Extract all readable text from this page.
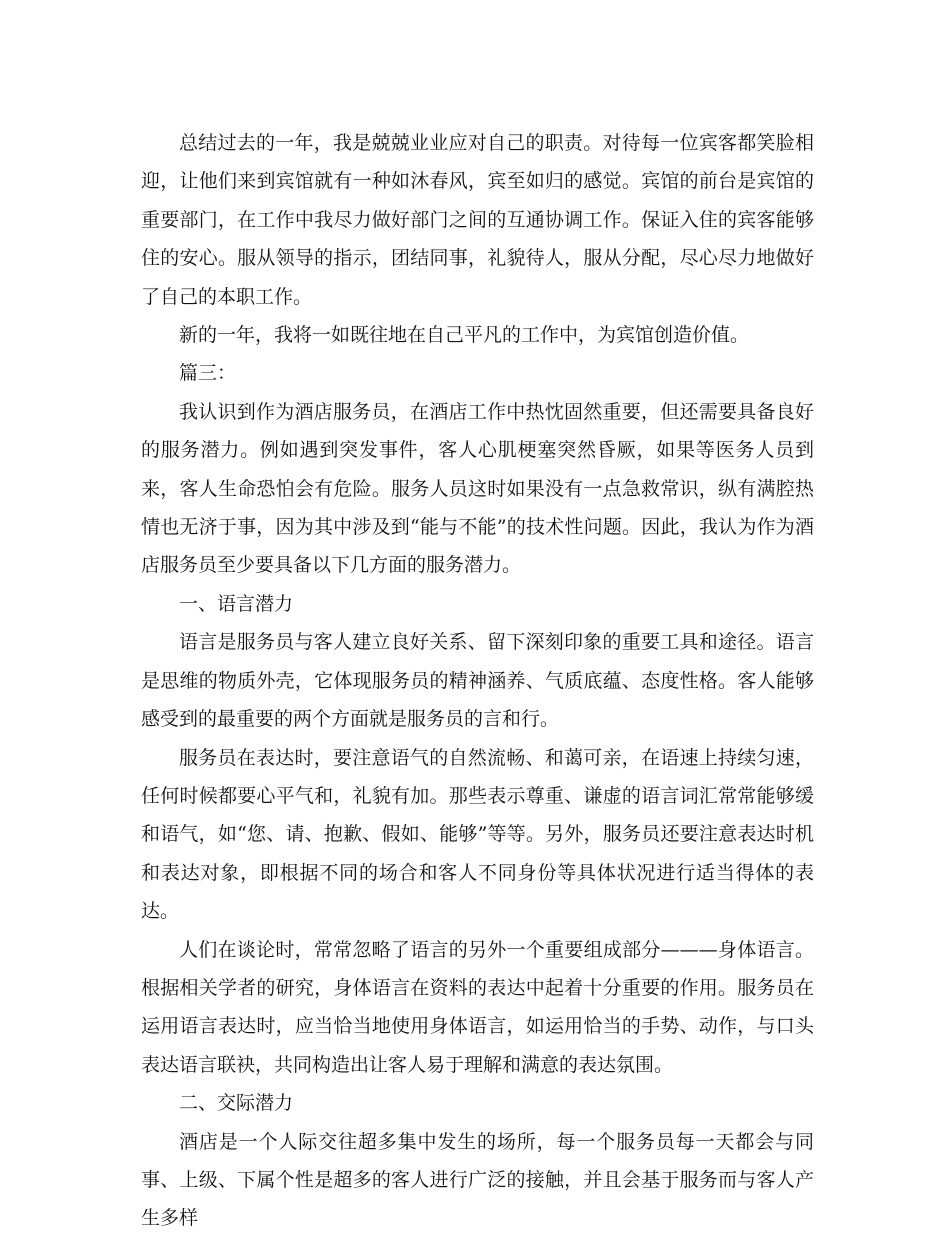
总结过去的一年，我是兢兢业业应对自己的职责。对待每一位宾客都笑脸相迎，让他们来到宾馆就有一种如沐春风，宾至如归的感觉。宾馆的前台是宾馆的重要部门，在工作中我尽力做好部门之间的互通协调工作。保证入住的宾客能够住的安心。服从领导的指示，团结同事，礼貌待人，服从分配，尽心尽力地做好了自己的本职工作。

新的一年，我将一如既往地在自己平凡的工作中，为宾馆创造价值。

篇三：

我认识到作为酒店服务员，在酒店工作中热忱固然重要，但还需要具备良好的服务潜力。例如遇到突发事件，客人心肌梗塞突然昏厥，如果等医务人员到来，客人生命恐怕会有危险。服务人员这时如果没有一点急救常识，纵有满腔热情也无济于事，因为其中涉及到“能与不能”的技术性问题。因此，我认为作为酒店服务员至少要具备以下几方面的服务潜力。

一、语言潜力

语言是服务员与客人建立良好关系、留下深刻印象的重要工具和途径。语言是思维的物质外壳，它体现服务员的精神涵养、气质底蕴、态度性格。客人能够感受到的最重要的两个方面就是服务员的言和行。

服务员在表达时，要注意语气的自然流畅、和蔼可亲，在语速上持续匀速，任何时候都要心平气和，礼貌有加。那些表示尊重、谦虚的语言词汇常常能够缓和语气，如“您、请、抱歉、假如、能够”等等。另外，服务员还要注意表达时机和表达对象，即根据不同的场合和客人不同身份等具体状况进行适当得体的表达。

人们在谈论时，常常忽略了语言的另外一个重要组成部分———身体语言。根据相关学者的研究，身体语言在资料的表达中起着十分重要的作用。服务员在运用语言表达时，应当恰当地使用身体语言，如运用恰当的手势、动作，与口头表达语言联袂，共同构造出让客人易于理解和满意的表达氛围。

二、交际潜力

酒店是一个人际交往超多集中发生的场所，每一个服务员每一天都会与同事、上级、下属个性是超多的客人进行广泛的接触，并且会基于服务而与客人产生多样
